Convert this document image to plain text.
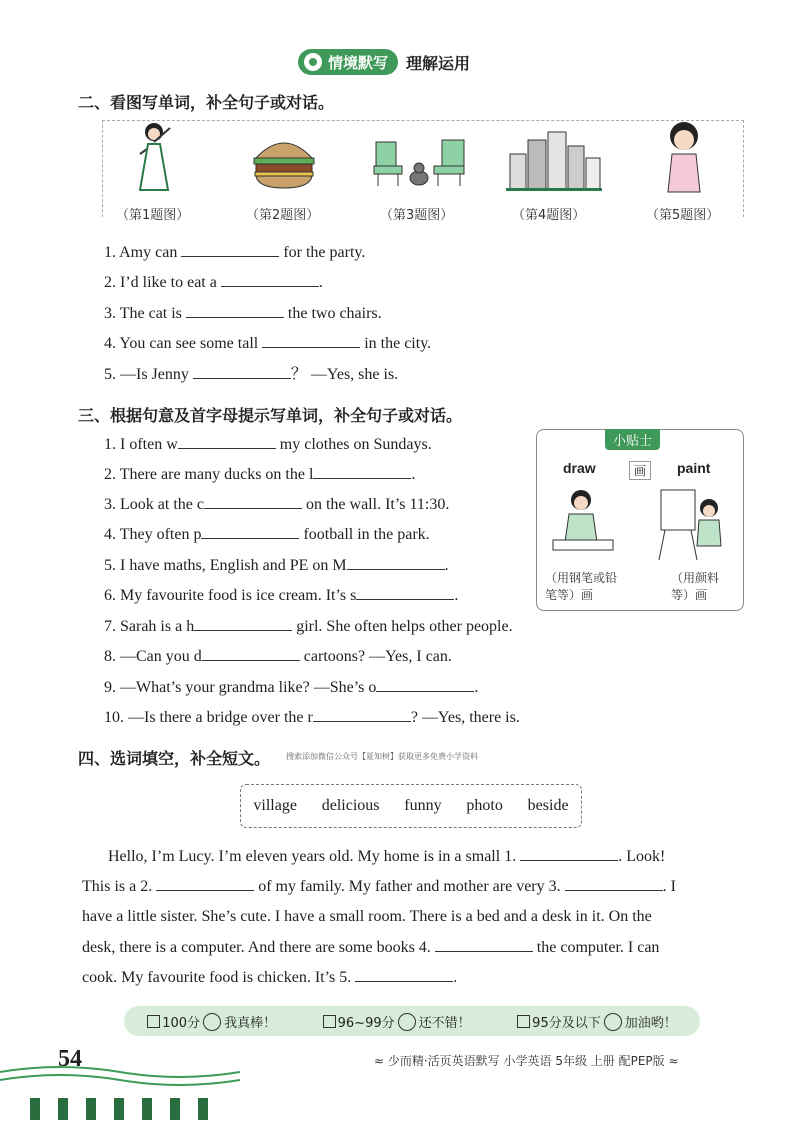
情境默写 理解运用
二、看图写单词，补全句子或对话。
（第1题图）	（第2题图）	（第3题图）	（第4题图）	（第5题图）
1. Amy can	for the party.
2. I’d like to eat a	.
3. The cat is	the two chairs.
4. You can see some tall	in the city.
5. —Is Jenny	？ —Yes, she is.
三、根据句意及首字母提示写单词，补全句子或对话。
1. I often w	my clothes on Sundays.
2. There are many ducks on the l	.
3. Look at the c	on the wall. It’s 11:30.
4. They often p	football in the park.
5. I have maths, English and PE on M	.
6. My favourite food is ice cream. It’s s	.
7. Sarah is a h	girl. She often helps other people.
8. —Can you d	cartoons? —Yes, I can.
9. —What’s your grandma like? —She’s o	.
10. —Is there a bridge over the r	? —Yes, there is.
小贴士
draw	画	paint
（用钢笔或铅
笔等）画
（用颜料
等）画
四、选词填空，补全短文。 搜索添加微信公众号【夏知树】获取更多免费小学资料
village delicious funny photo beside
Hello, I’m Lucy. I’m eleven years old. My home is in a small 1.	. Look!
This is a 2.	of my family. My father and mother are very 3.	. I
have a little sister. She’s cute. I have a small room. There is a bed and a desk in it. On the
desk, there is a computer. And there are some books 4.	the computer. I can
cook. My favourite food is chicken. It’s 5.	.
100分 我真棒！	96~99分 还不错！	95分及以下 加油哟！
54	≈ 少而精·活页英语默写 小学英语 5年级 上册 配PEP版 ≈
